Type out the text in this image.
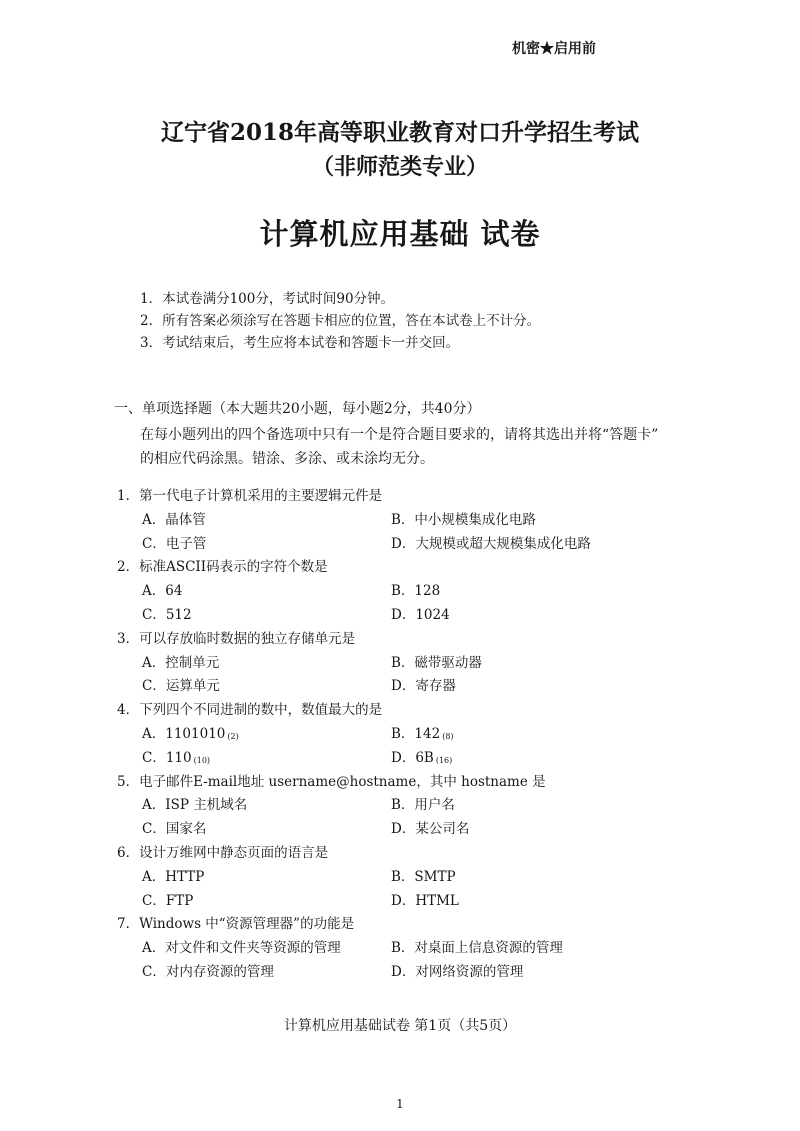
机密★启用前
辽宁省2018年高等职业教育对口升学招生考试
（非师范类专业）
计算机应用基础 试卷
1．本试卷满分100分，考试时间90分钟。
2．所有答案必须涂写在答题卡相应的位置，答在本试卷上不计分。
3．考试结束后，考生应将本试卷和答题卡一并交回。
一、单项选择题（本大题共20小题，每小题2分，共40分）
在每小题列出的四个备选项中只有一个是符合题目要求的，请将其选出并将“答题卡”
的相应代码涂黑。错涂、多涂、或未涂均无分。
1．第一代电子计算机采用的主要逻辑元件是
A．晶体管	B．中小规模集成化电路
C．电子管	D．大规模或超大规模集成化电路
2．标准ASCII码表示的字符个数是
A．64	B．128
C．512	D．1024
3．可以存放临时数据的独立存储单元是
A．控制单元	B．磁带驱动器
C．运算单元	D．寄存器
4．下列四个不同进制的数中，数值最大的是
A．1101010 $_{(2)}$	B．142 $_{(8)}$
C．110 $_{(10)}$	D．6B $_{(16)}$
5．电子邮件E-mail地址 username@hostname，其中 hostname 是
A．ISP 主机域名	B．用户名
C．国家名	D．某公司名
6．设计万维网中静态页面的语言是
A．HTTP	B．SMTP
C．FTP	D．HTML
7．Windows 中“资源管理器”的功能是
A．对文件和文件夹等资源的管理	B．对桌面上信息资源的管理
C．对内存资源的管理	D．对网络资源的管理
计算机应用基础试卷 第1页（共5页）
1
